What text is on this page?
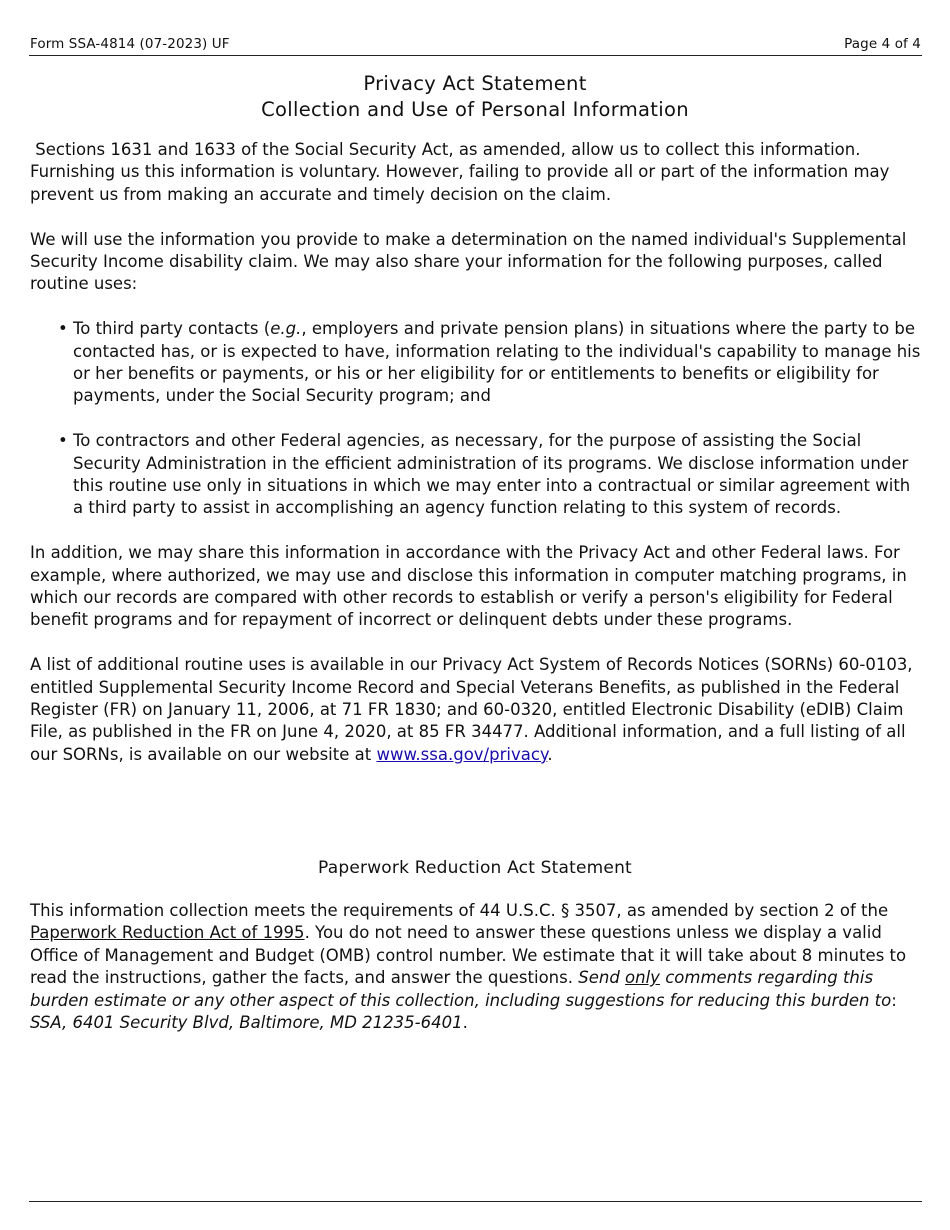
Form SSA-4814 (07-2023) UF	Page 4 of 4
Privacy Act Statement
Collection and Use of Personal Information

Sections 1631 and 1633 of the Social Security Act, as amended, allow us to collect this information. Furnishing us this information is voluntary. However, failing to provide all or part of the information may prevent us from making an accurate and timely decision on the claim.

We will use the information you provide to make a determination on the named individual's Supplemental Security Income disability claim. We may also share your information for the following purposes, called routine uses:

• To third party contacts (e.g., employers and private pension plans) in situations where the party to be contacted has, or is expected to have, information relating to the individual's capability to manage his or her benefits or payments, or his or her eligibility for or entitlements to benefits or eligibility for payments, under the Social Security program; and

• To contractors and other Federal agencies, as necessary, for the purpose of assisting the Social Security Administration in the efficient administration of its programs. We disclose information under this routine use only in situations in which we may enter into a contractual or similar agreement with a third party to assist in accomplishing an agency function relating to this system of records.

In addition, we may share this information in accordance with the Privacy Act and other Federal laws. For example, where authorized, we may use and disclose this information in computer matching programs, in which our records are compared with other records to establish or verify a person's eligibility for Federal benefit programs and for repayment of incorrect or delinquent debts under these programs.

A list of additional routine uses is available in our Privacy Act System of Records Notices (SORNs) 60-0103, entitled Supplemental Security Income Record and Special Veterans Benefits, as published in the Federal Register (FR) on January 11, 2006, at 71 FR 1830; and 60-0320, entitled Electronic Disability (eDIB) Claim File, as published in the FR on June 4, 2020, at 85 FR 34477. Additional information, and a full listing of all our SORNs, is available on our website at www.ssa.gov/privacy.

Paperwork Reduction Act Statement

This information collection meets the requirements of 44 U.S.C. § 3507, as amended by section 2 of the Paperwork Reduction Act of 1995. You do not need to answer these questions unless we display a valid Office of Management and Budget (OMB) control number. We estimate that it will take about 8 minutes to read the instructions, gather the facts, and answer the questions. Send only comments regarding this burden estimate or any other aspect of this collection, including suggestions for reducing this burden to: SSA, 6401 Security Blvd, Baltimore, MD 21235-6401.
